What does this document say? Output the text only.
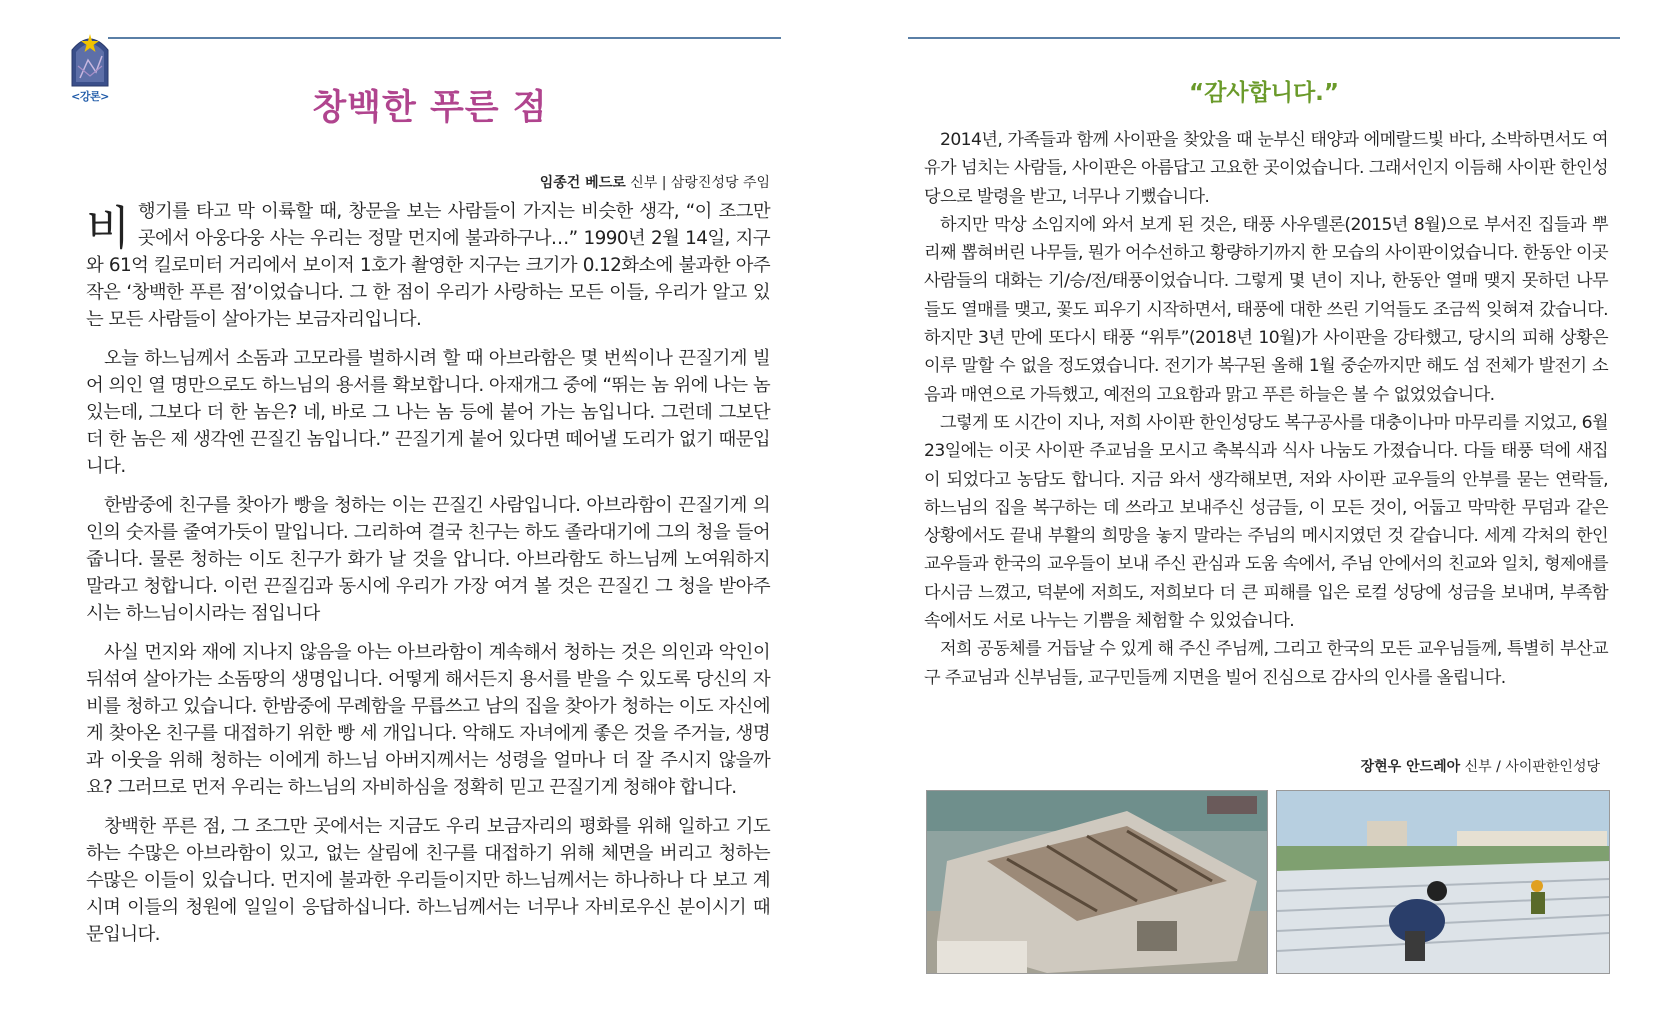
<강론>	창백한 푸른 점
임종건 베드로 신부 | 삼랑진성당 주임

비행기를 타고 막 이륙할 때, 창문을 보는 사람들이 가지는 비슷한 생각, “이 조그만 곳에서 아웅다웅 사는 우리는 정말 먼지에 불과하구나…” 1990년 2월 14일, 지구와 61억 킬로미터 거리에서 보이저 1호가 촬영한 지구는 크기가 0.12화소에 불과한 아주 작은 ‘창백한 푸른 점’이었습니다. 그 한 점이 우리가 사랑하는 모든 이들, 우리가 알고 있는 모든 사람들이 살아가는 보금자리입니다.

오늘 하느님께서 소돔과 고모라를 벌하시려 할 때 아브라함은 몇 번씩이나 끈질기게 빌어 의인 열 명만으로도 하느님의 용서를 확보합니다. 아재개그 중에 “뛰는 놈 위에 나는 놈 있는데, 그보다 더 한 놈은? 네, 바로 그 나는 놈 등에 붙어 가는 놈입니다. 그런데 그보단 더 한 놈은 제 생각엔 끈질긴 놈입니다.” 끈질기게 붙어 있다면 떼어낼 도리가 없기 때문입니다.

한밤중에 친구를 찾아가 빵을 청하는 이는 끈질긴 사람입니다. 아브라함이 끈질기게 의인의 숫자를 줄여가듯이 말입니다. 그리하여 결국 친구는 하도 졸라대기에 그의 청을 들어줍니다. 물론 청하는 이도 친구가 화가 날 것을 압니다. 아브라함도 하느님께 노여워하지 말라고 청합니다. 이런 끈질김과 동시에 우리가 가장 여겨 볼 것은 끈질긴 그 청을 받아주시는 하느님이시라는 점입니다

사실 먼지와 재에 지나지 않음을 아는 아브라함이 계속해서 청하는 것은 의인과 악인이 뒤섞여 살아가는 소돔땅의 생명입니다. 어떻게 해서든지 용서를 받을 수 있도록 당신의 자비를 청하고 있습니다. 한밤중에 무례함을 무릅쓰고 남의 집을 찾아가 청하는 이도 자신에게 찾아온 친구를 대접하기 위한 빵 세 개입니다. 악해도 자녀에게 좋은 것을 주거늘, 생명과 이웃을 위해 청하는 이에게 하느님 아버지께서는 성령을 얼마나 더 잘 주시지 않을까요? 그러므로 먼저 우리는 하느님의 자비하심을 정확히 믿고 끈질기게 청해야 합니다.

창백한 푸른 점, 그 조그만 곳에서는 지금도 우리 보금자리의 평화를 위해 일하고 기도하는 수많은 아브라함이 있고, 없는 살림에 친구를 대접하기 위해 체면을 버리고 청하는 수많은 이들이 있습니다. 먼지에 불과한 우리들이지만 하느님께서는 하나하나 다 보고 계시며 이들의 청원에 일일이 응답하십니다. 하느님께서는 너무나 자비로우신 분이시기 때문입니다.

“감사합니다.”

2014년, 가족들과 함께 사이판을 찾았을 때 눈부신 태양과 에메랄드빛 바다, 소박하면서도 여유가 넘치는 사람들, 사이판은 아름답고 고요한 곳이었습니다. 그래서인지 이듬해 사이판 한인성당으로 발령을 받고, 너무나 기뻤습니다.

하지만 막상 소임지에 와서 보게 된 것은, 태풍 사우델론(2015년 8월)으로 부서진 집들과 뿌리째 뽑혀버린 나무들, 뭔가 어수선하고 황량하기까지 한 모습의 사이판이었습니다. 한동안 이곳 사람들의 대화는 기/승/전/태풍이었습니다. 그렇게 몇 년이 지나, 한동안 열매 맺지 못하던 나무들도 열매를 맺고, 꽃도 피우기 시작하면서, 태풍에 대한 쓰린 기억들도 조금씩 잊혀져 갔습니다. 하지만 3년 만에 또다시 태풍 “위투”(2018년 10월)가 사이판을 강타했고, 당시의 피해 상황은 이루 말할 수 없을 정도였습니다. 전기가 복구된 올해 1월 중순까지만 해도 섬 전체가 발전기 소음과 매연으로 가득했고, 예전의 고요함과 맑고 푸른 하늘은 볼 수 없었었습니다.

그렇게 또 시간이 지나, 저희 사이판 한인성당도 복구공사를 대충이나마 마무리를 지었고, 6월 23일에는 이곳 사이판 주교님을 모시고 축복식과 식사 나눔도 가졌습니다. 다들 태풍 덕에 새집이 되었다고 농담도 합니다. 지금 와서 생각해보면, 저와 사이판 교우들의 안부를 묻는 연락들, 하느님의 집을 복구하는 데 쓰라고 보내주신 성금들, 이 모든 것이, 어둡고 막막한 무덤과 같은 상황에서도 끝내 부활의 희망을 놓지 말라는 주님의 메시지였던 것 같습니다. 세계 각처의 한인교우들과 한국의 교우들이 보내 주신 관심과 도움 속에서, 주님 안에서의 친교와 일치, 형제애를 다시금 느꼈고, 덕분에 저희도, 저희보다 더 큰 피해를 입은 로컬 성당에 성금을 보내며, 부족함 속에서도 서로 나누는 기쁨을 체험할 수 있었습니다.

저희 공동체를 거듭날 수 있게 해 주신 주님께, 그리고 한국의 모든 교우님들께, 특별히 부산교구 주교님과 신부님들, 교구민들께 지면을 빌어 진심으로 감사의 인사를 올립니다.

장현우 안드레아 신부 / 사이판한인성당
